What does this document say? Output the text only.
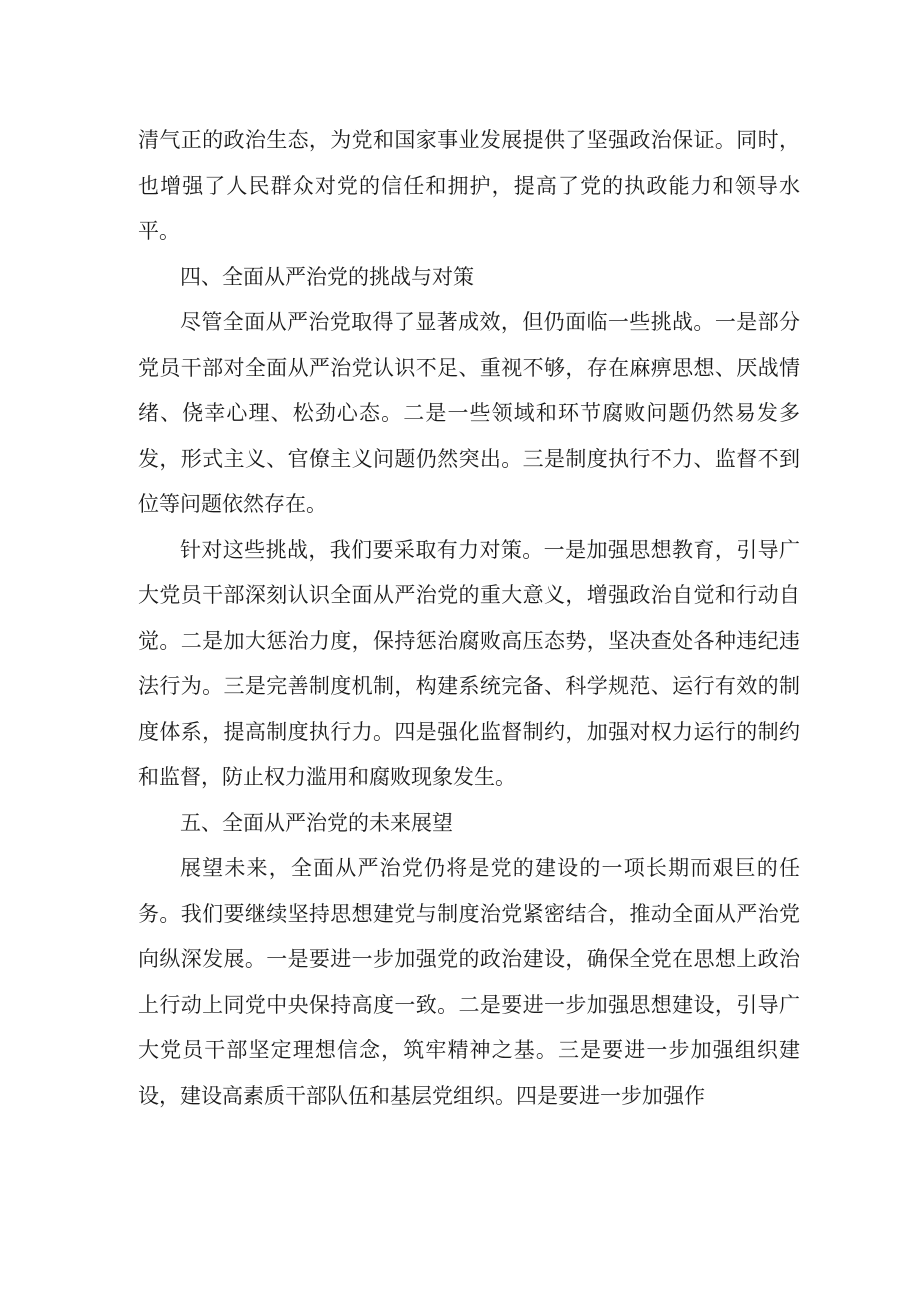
清气正的政治生态，为党和国家事业发展提供了坚强政治保证。同时，也增强了人民群众对党的信任和拥护，提高了党的执政能力和领导水平。

四、全面从严治党的挑战与对策

尽管全面从严治党取得了显著成效，但仍面临一些挑战。一是部分党员干部对全面从严治党认识不足、重视不够，存在麻痹思想、厌战情绪、侥幸心理、松劲心态。二是一些领域和环节腐败问题仍然易发多发，形式主义、官僚主义问题仍然突出。三是制度执行不力、监督不到位等问题依然存在。

针对这些挑战，我们要采取有力对策。一是加强思想教育，引导广大党员干部深刻认识全面从严治党的重大意义，增强政治自觉和行动自觉。二是加大惩治力度，保持惩治腐败高压态势，坚决查处各种违纪违法行为。三是完善制度机制，构建系统完备、科学规范、运行有效的制度体系，提高制度执行力。四是强化监督制约，加强对权力运行的制约和监督，防止权力滥用和腐败现象发生。

五、全面从严治党的未来展望

展望未来，全面从严治党仍将是党的建设的一项长期而艰巨的任务。我们要继续坚持思想建党与制度治党紧密结合，推动全面从严治党向纵深发展。一是要进一步加强党的政治建设，确保全党在思想上政治上行动上同党中央保持高度一致。二是要进一步加强思想建设，引导广大党员干部坚定理想信念，筑牢精神之基。三是要进一步加强组织建设，建设高素质干部队伍和基层党组织。四是要进一步加强作
